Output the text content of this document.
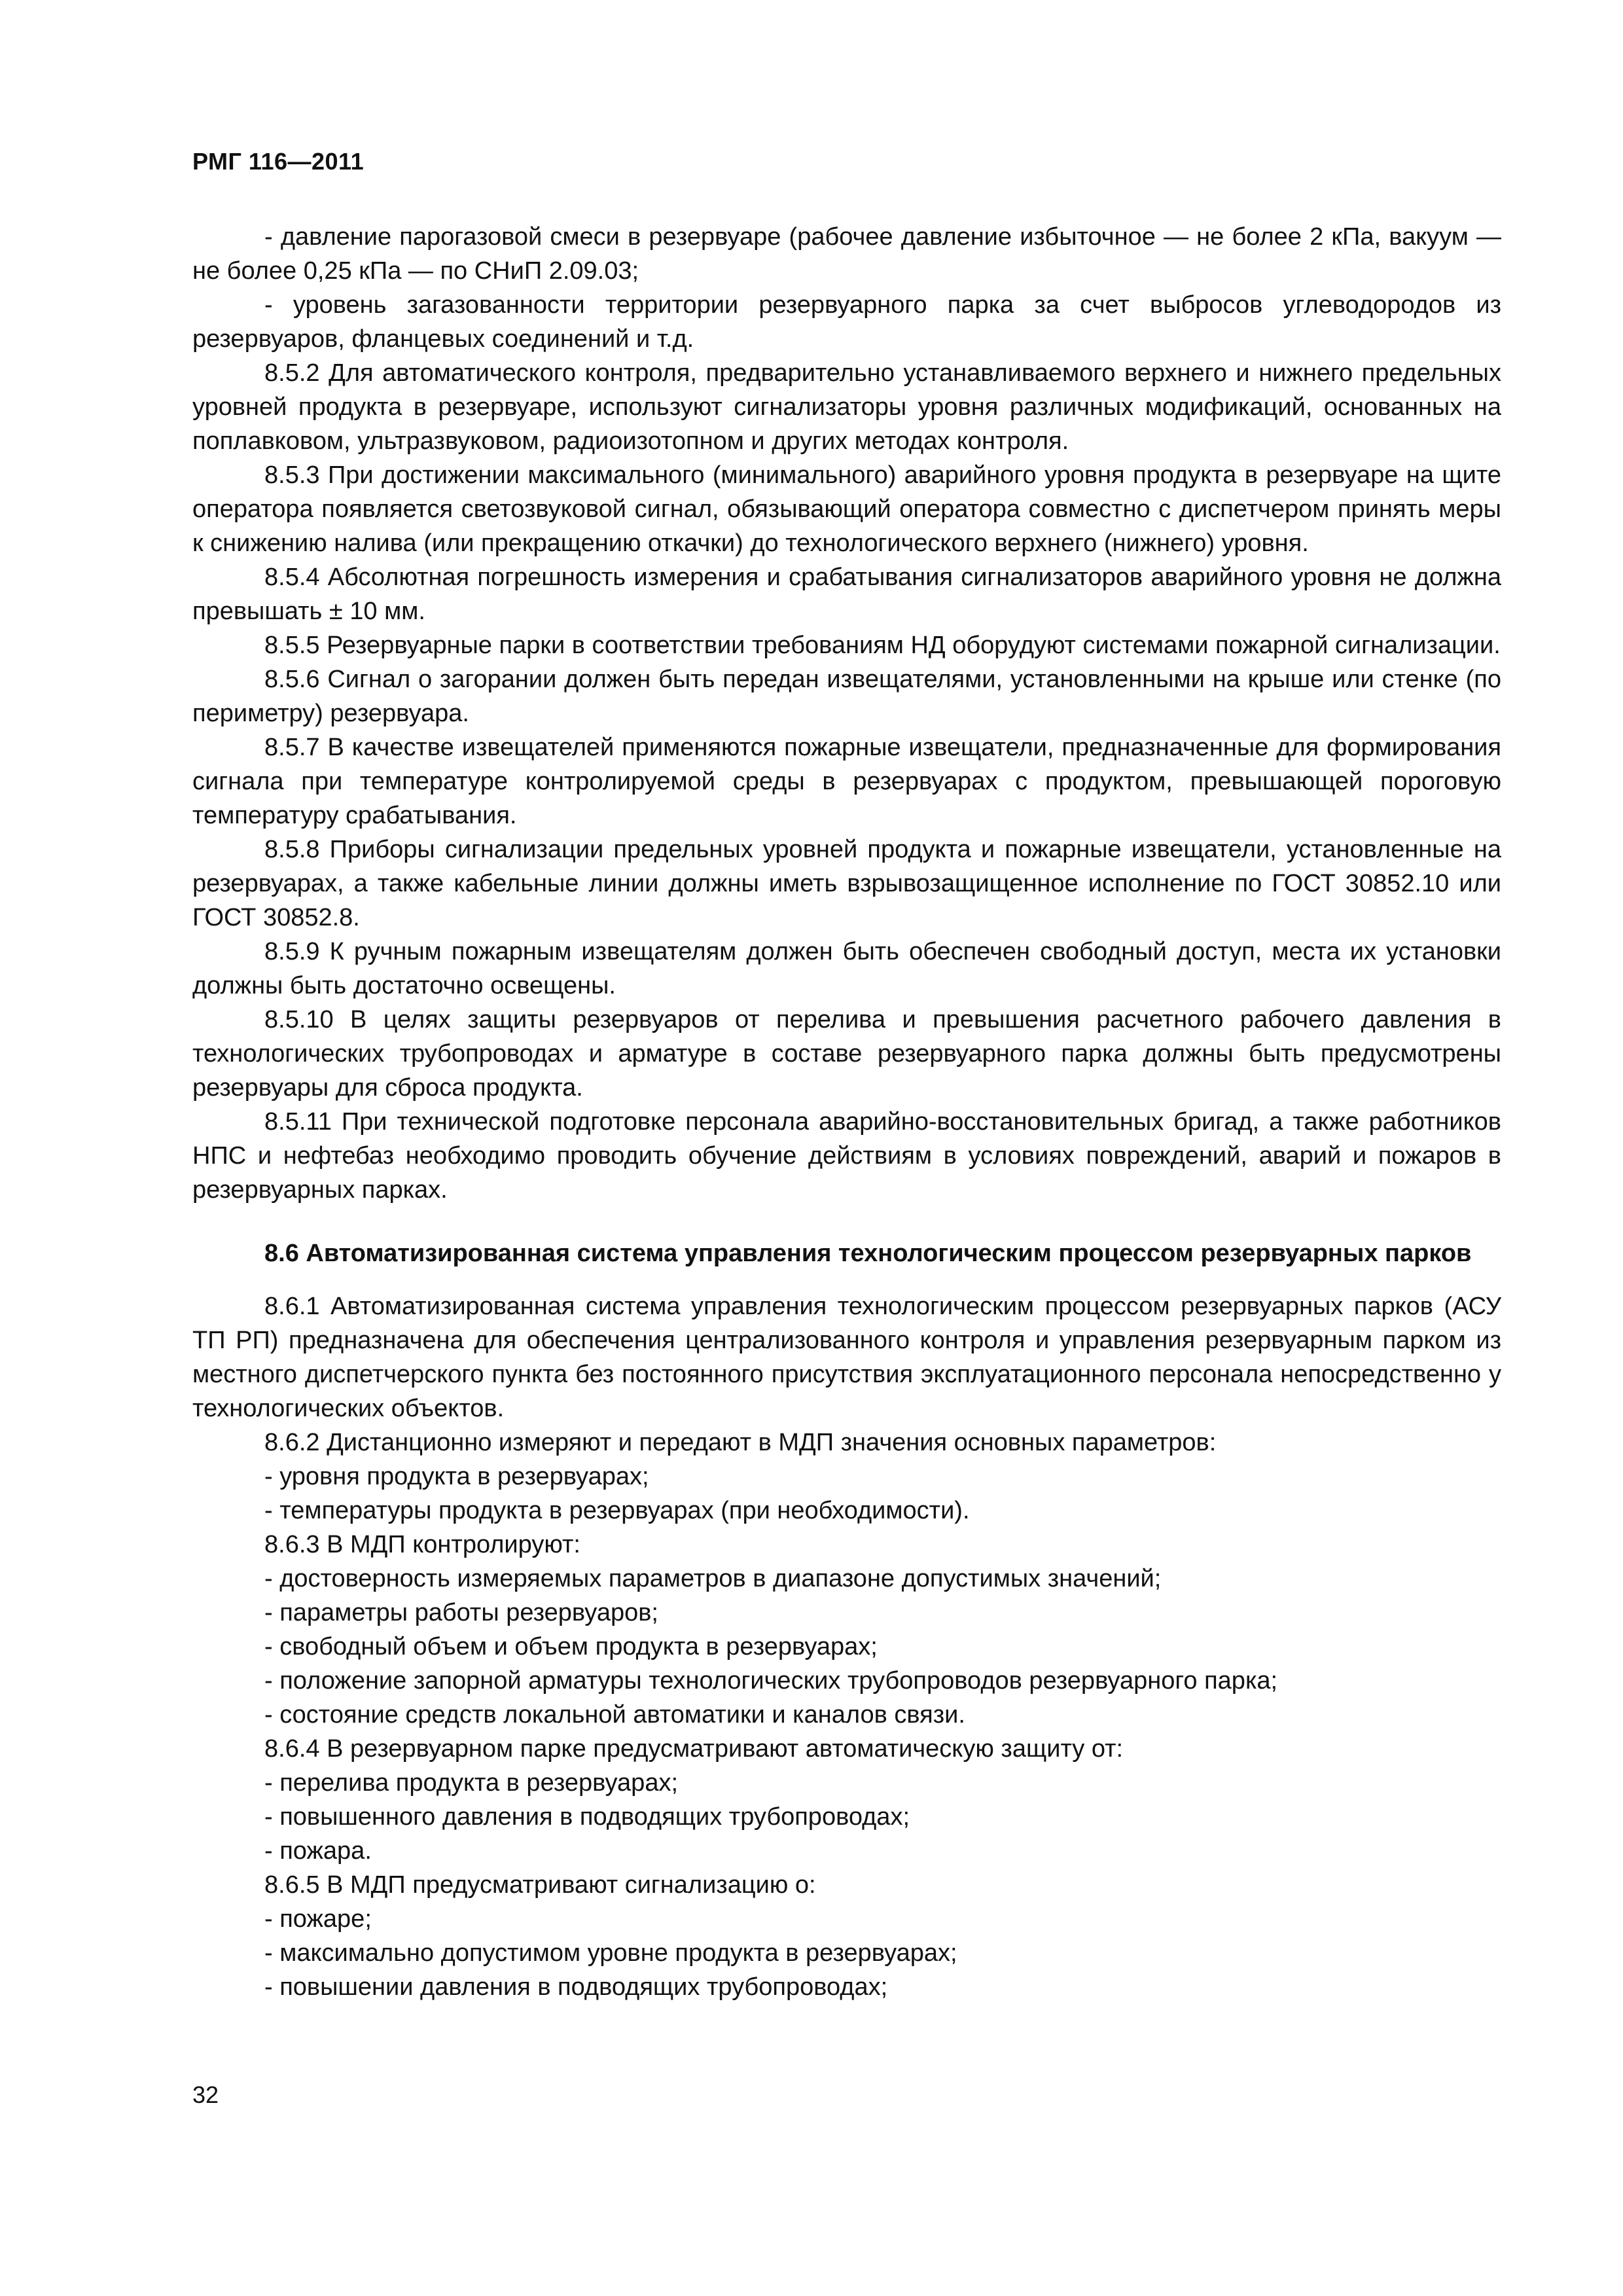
РМГ 116—2011

- давление парогазовой смеси в резервуаре (рабочее давление избыточное — не более 2 кПа, вакуум — не более 0,25 кПа — по СНиП 2.09.03;

- уровень загазованности территории резервуарного парка за счет выбросов углеводородов из резервуаров, фланцевых соединений и т.д.

8.5.2 Для автоматического контроля, предварительно устанавливаемого верхнего и нижнего предельных уровней продукта в резервуаре, используют сигнализаторы уровня различных модификаций, основанных на поплавковом, ультразвуковом, радиоизотопном и других методах контроля.

8.5.3 При достижении максимального (минимального) аварийного уровня продукта в резервуаре на щите оператора появляется светозвуковой сигнал, обязывающий оператора совместно с диспетчером принять меры к снижению налива (или прекращению откачки) до технологического верхнего (нижнего) уровня.

8.5.4 Абсолютная погрешность измерения и срабатывания сигнализаторов аварийного уровня не должна превышать ± 10 мм.

8.5.5 Резервуарные парки в соответствии требованиям НД оборудуют системами пожарной сигнализации.

8.5.6 Сигнал о загорании должен быть передан извещателями, установленными на крыше или стенке (по периметру) резервуара.

8.5.7 В качестве извещателей применяются пожарные извещатели, предназначенные для формирования сигнала при температуре контролируемой среды в резервуарах с продуктом, превышающей пороговую температуру срабатывания.

8.5.8 Приборы сигнализации предельных уровней продукта и пожарные извещатели, установленные на резервуарах, а также кабельные линии должны иметь взрывозащищенное исполнение по ГОСТ 30852.10 или ГОСТ 30852.8.

8.5.9 К ручным пожарным извещателям должен быть обеспечен свободный доступ, места их установки должны быть достаточно освещены.

8.5.10 В целях защиты резервуаров от перелива и превышения расчетного рабочего давления в технологических трубопроводах и арматуре в составе резервуарного парка должны быть предусмотрены резервуары для сброса продукта.

8.5.11 При технической подготовке персонала аварийно-восстановительных бригад, а также работников НПС и нефтебаз необходимо проводить обучение действиям в условиях повреждений, аварий и пожаров в резервуарных парках.

8.6 Автоматизированная система управления технологическим процессом резервуарных парков

8.6.1 Автоматизированная система управления технологическим процессом резервуарных парков (АСУ ТП РП) предназначена для обеспечения централизованного контроля и управления резервуарным парком из местного диспетчерского пункта без постоянного присутствия эксплуатационного персонала непосредственно у технологических объектов.

8.6.2 Дистанционно измеряют и передают в МДП значения основных параметров:

- уровня продукта в резервуарах;

- температуры продукта в резервуарах (при необходимости).

8.6.3 В МДП контролируют:

- достоверность измеряемых параметров в диапазоне допустимых значений;

- параметры работы резервуаров;

- свободный объем и объем продукта в резервуарах;

- положение запорной арматуры технологических трубопроводов резервуарного парка;

- состояние средств локальной автоматики и каналов связи.

8.6.4 В резервуарном парке предусматривают автоматическую защиту от:

- перелива продукта в резервуарах;

- повышенного давления в подводящих трубопроводах;

- пожара.

8.6.5 В МДП предусматривают сигнализацию о:

- пожаре;

- максимально допустимом уровне продукта в резервуарах;

- повышении давления в подводящих трубопроводах;

32
